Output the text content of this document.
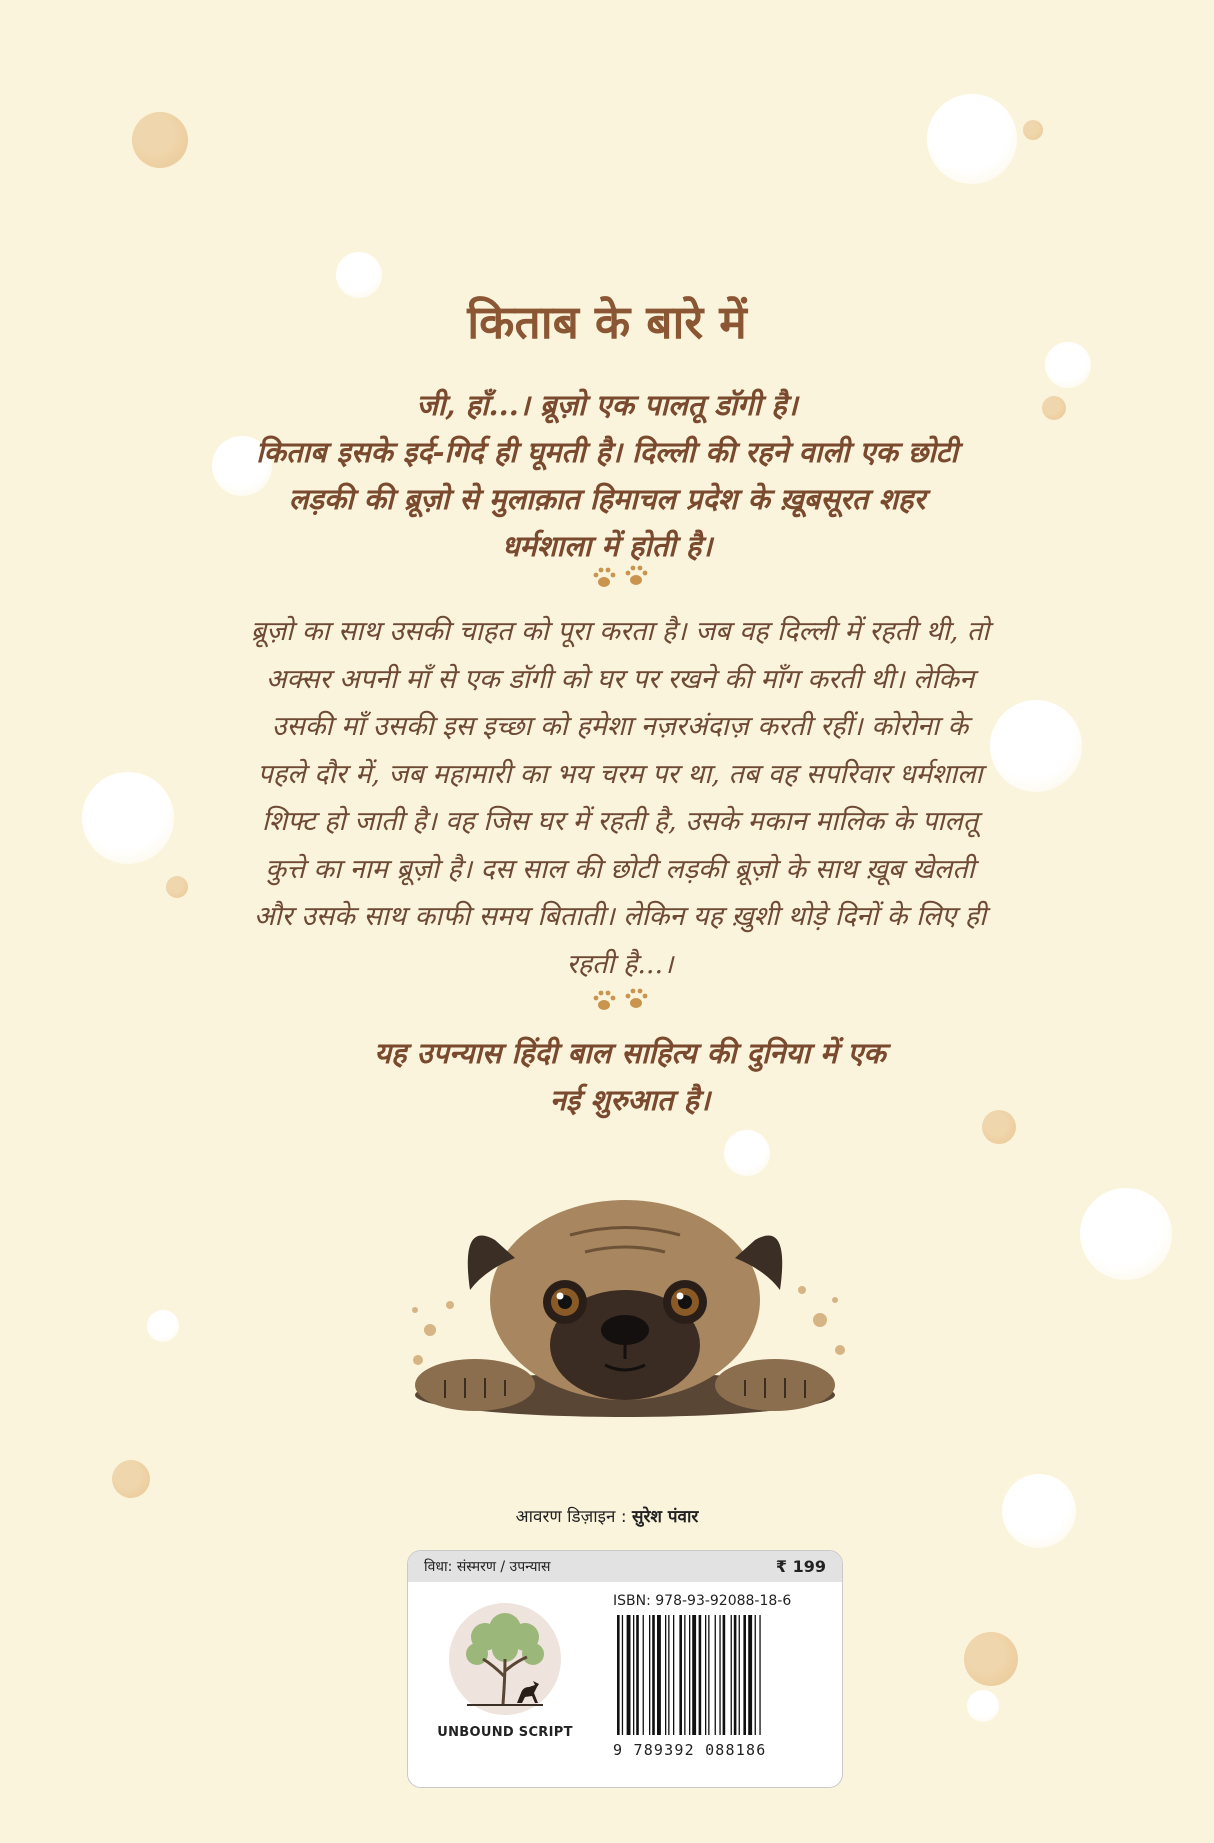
किताब के बारे में

जी, हाँ...। ब्रूज़ो एक पालतू डॉगी है।

किताब इसके इर्द-गिर्द ही घूमती है। दिल्ली की रहने वाली एक छोटी लड़की की ब्रूज़ो से मुलाक़ात हिमाचल प्रदेश के ख़ूबसूरत शहर धर्मशाला में होती है।

ब्रूज़ो का साथ उसकी चाहत को पूरा करता है। जब वह दिल्ली में रहती थी, तो अक्सर अपनी माँ से एक डॉगी को घर पर रखने की माँग करती थी। लेकिन उसकी माँ उसकी इस इच्छा को हमेशा नज़रअंदाज़ करती रहीं। कोरोना के पहले दौर में, जब महामारी का भय चरम पर था, तब वह सपरिवार धर्मशाला शिफ्ट हो जाती है। वह जिस घर में रहती है, उसके मकान मालिक के पालतू कुत्ते का नाम ब्रूज़ो है। दस साल की छोटी लड़की ब्रूज़ो के साथ ख़ूब खेलती और उसके साथ काफी समय बिताती। लेकिन यह ख़ुशी थोड़े दिनों के लिए ही रहती है...।

यह उपन्यास हिंदी बाल साहित्य की दुनिया में एक

नई शुरुआत है।

आवरण डिज़ाइन : सुरेश पंवार
विधा: संस्मरण / उपन्यास	₹ 199
UNBOUND SCRIPT
ISBN: 978-93-92088-18-6
9 789392 088186
